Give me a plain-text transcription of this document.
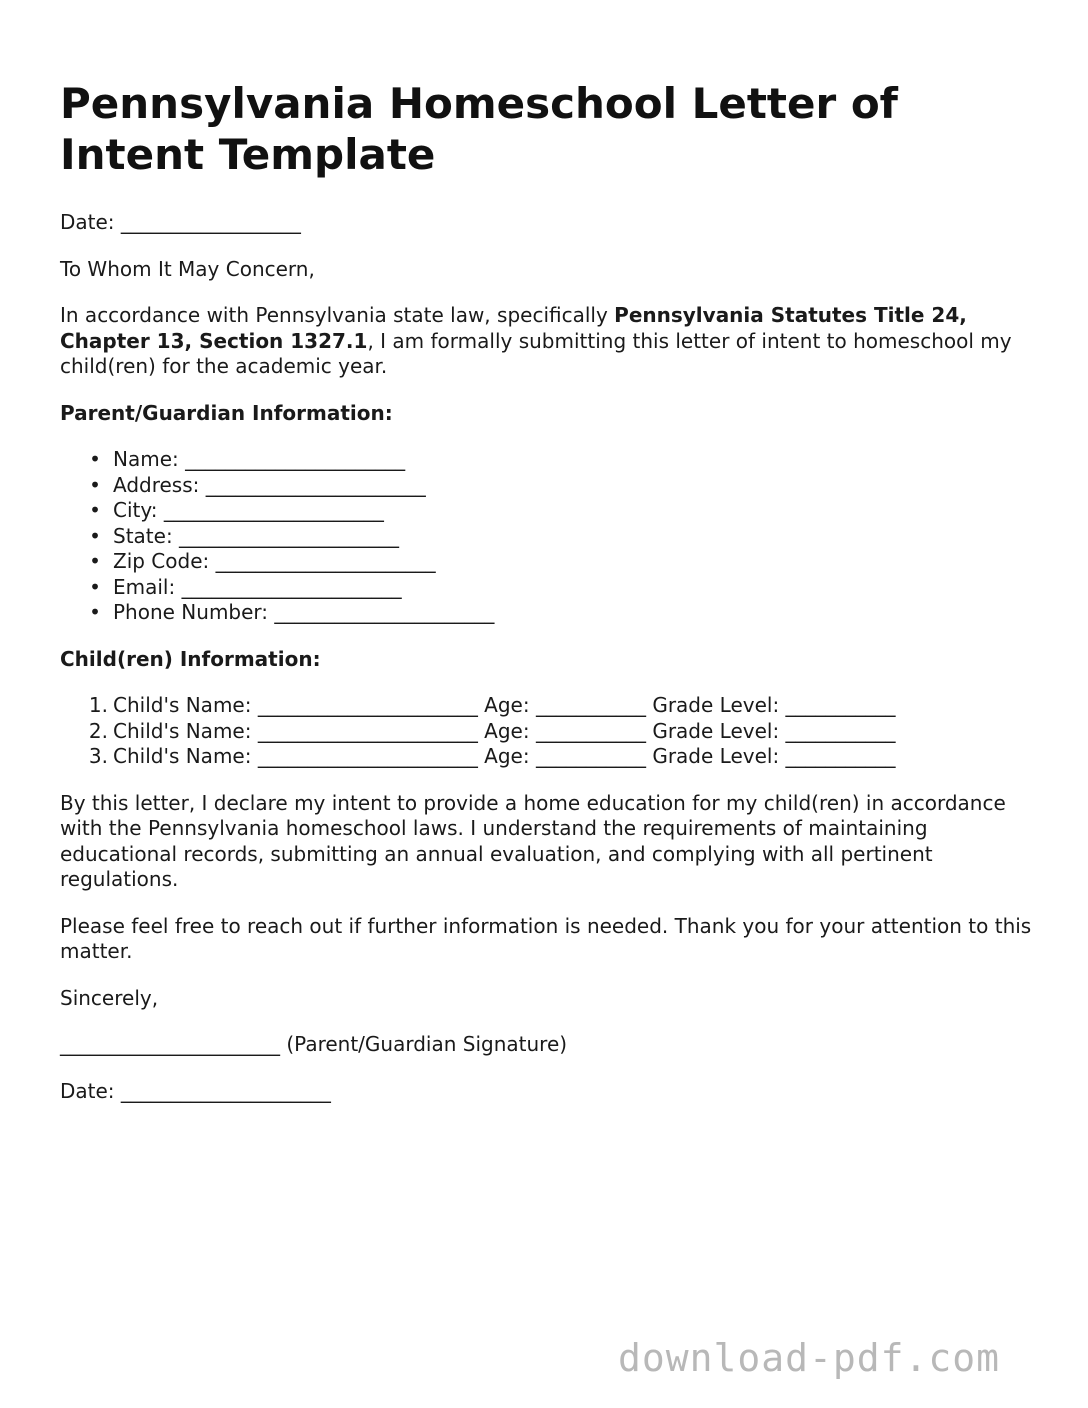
Pennsylvania Homeschool Letter of Intent Template

Date: __________________

To Whom It May Concern,

In accordance with Pennsylvania state law, specifically Pennsylvania Statutes Title 24, Chapter 13, Section 1327.1, I am formally submitting this letter of intent to homeschool my child(ren) for the academic year.

Parent/Guardian Information:

• Name: ______________________
• Address: ______________________
• City: ______________________
• State: ______________________
• Zip Code: ______________________
• Email: ______________________
• Phone Number: ______________________

Child(ren) Information:

1. Child's Name: ______________________ Age: ___________ Grade Level: ___________
2. Child's Name: ______________________ Age: ___________ Grade Level: ___________
3. Child's Name: ______________________ Age: ___________ Grade Level: ___________

By this letter, I declare my intent to provide a home education for my child(ren) in accordance with the Pennsylvania homeschool laws. I understand the requirements of maintaining educational records, submitting an annual evaluation, and complying with all pertinent regulations.

Please feel free to reach out if further information is needed. Thank you for your attention to this matter.

Sincerely,

______________________ (Parent/Guardian Signature)

Date: _____________________

download-pdf.com
